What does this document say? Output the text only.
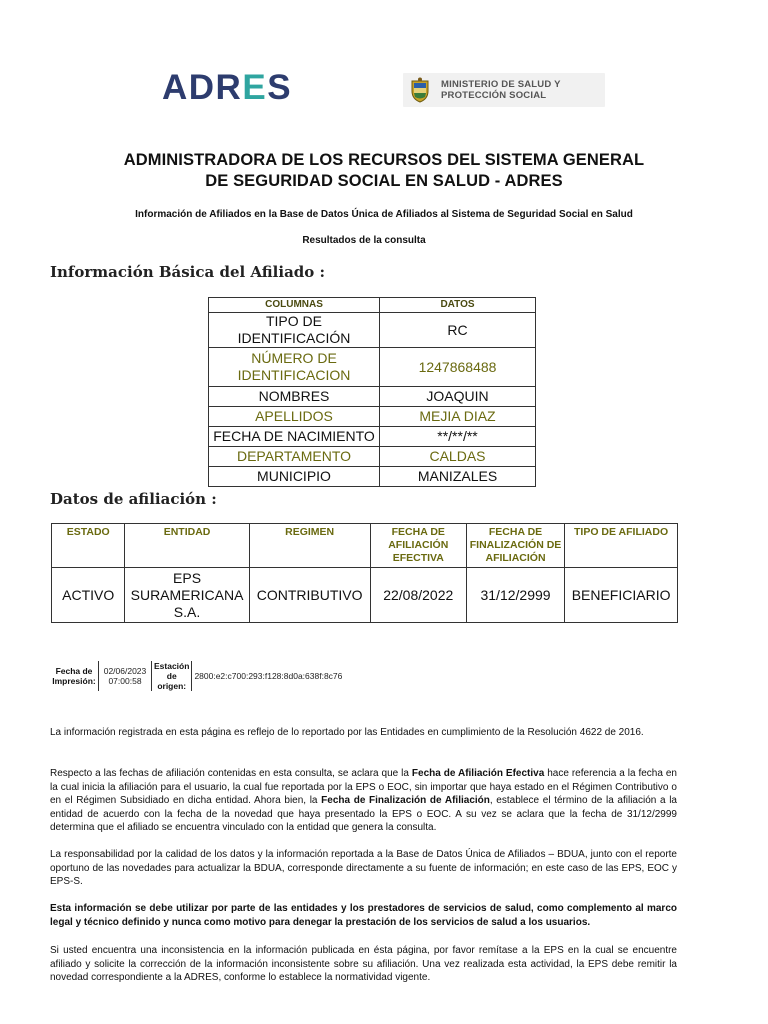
ADRES	MINISTERIO DE SALUD Y
PROTECCIÓN SOCIAL
ADMINISTRADORA DE LOS RECURSOS DEL SISTEMA GENERAL
DE SEGURIDAD SOCIAL EN SALUD - ADRES
Información de Afiliados en la Base de Datos Única de Afiliados al Sistema de Seguridad Social en Salud
Resultados de la consulta
Información Básica del Afiliado :
COLUMNAS	DATOS
TIPO DE IDENTIFICACIÓN	RC
NÚMERO DE IDENTIFICACION	1247868488
NOMBRES	JOAQUIN
APELLIDOS	MEJIA DIAZ
FECHA DE NACIMIENTO	**/**/**
DEPARTAMENTO	CALDAS
MUNICIPIO	MANIZALES
Datos de afiliación :
ESTADO	ENTIDAD	REGIMEN	FECHA DE AFILIACIÓN EFECTIVA	FECHA DE FINALIZACIÓN DE AFILIACIÓN	TIPO DE AFILIADO
ACTIVO	EPS SURAMERICANA S.A.	CONTRIBUTIVO	22/08/2022	31/12/2999	BENEFICIARIO
Fecha de Impresión:	02/06/2023 07:00:58	Estación de origen:	2800:e2:c700:293:f128:8d0a:638f:8c76
La información registrada en esta página es reflejo de lo reportado por las Entidades en cumplimiento de la Resolución 4622 de 2016.
Respecto a las fechas de afiliación contenidas en esta consulta, se aclara que la Fecha de Afiliación Efectiva hace referencia a la fecha en la cual inicia la afiliación para el usuario, la cual fue reportada por la EPS o EOC, sin importar que haya estado en el Régimen Contributivo o en el Régimen Subsidiado en dicha entidad. Ahora bien, la Fecha de Finalización de Afiliación, establece el término de la afiliación a la entidad de acuerdo con la fecha de la novedad que haya presentado la EPS o EOC. A su vez se aclara que la fecha de 31/12/2999 determina que el afiliado se encuentra vinculado con la entidad que genera la consulta.
La responsabilidad por la calidad de los datos y la información reportada a la Base de Datos Única de Afiliados – BDUA, junto con el reporte oportuno de las novedades para actualizar la BDUA, corresponde directamente a su fuente de información; en este caso de las EPS, EOC y EPS-S.
Esta información se debe utilizar por parte de las entidades y los prestadores de servicios de salud, como complemento al marco legal y técnico definido y nunca como motivo para denegar la prestación de los servicios de salud a los usuarios.
Si usted encuentra una inconsistencia en la información publicada en ésta página, por favor remítase a la EPS en la cual se encuentre afiliado y solicite la corrección de la información inconsistente sobre su afiliación. Una vez realizada esta actividad, la EPS debe remitir la novedad correspondiente a la ADRES, conforme lo establece la normatividad vigente.
